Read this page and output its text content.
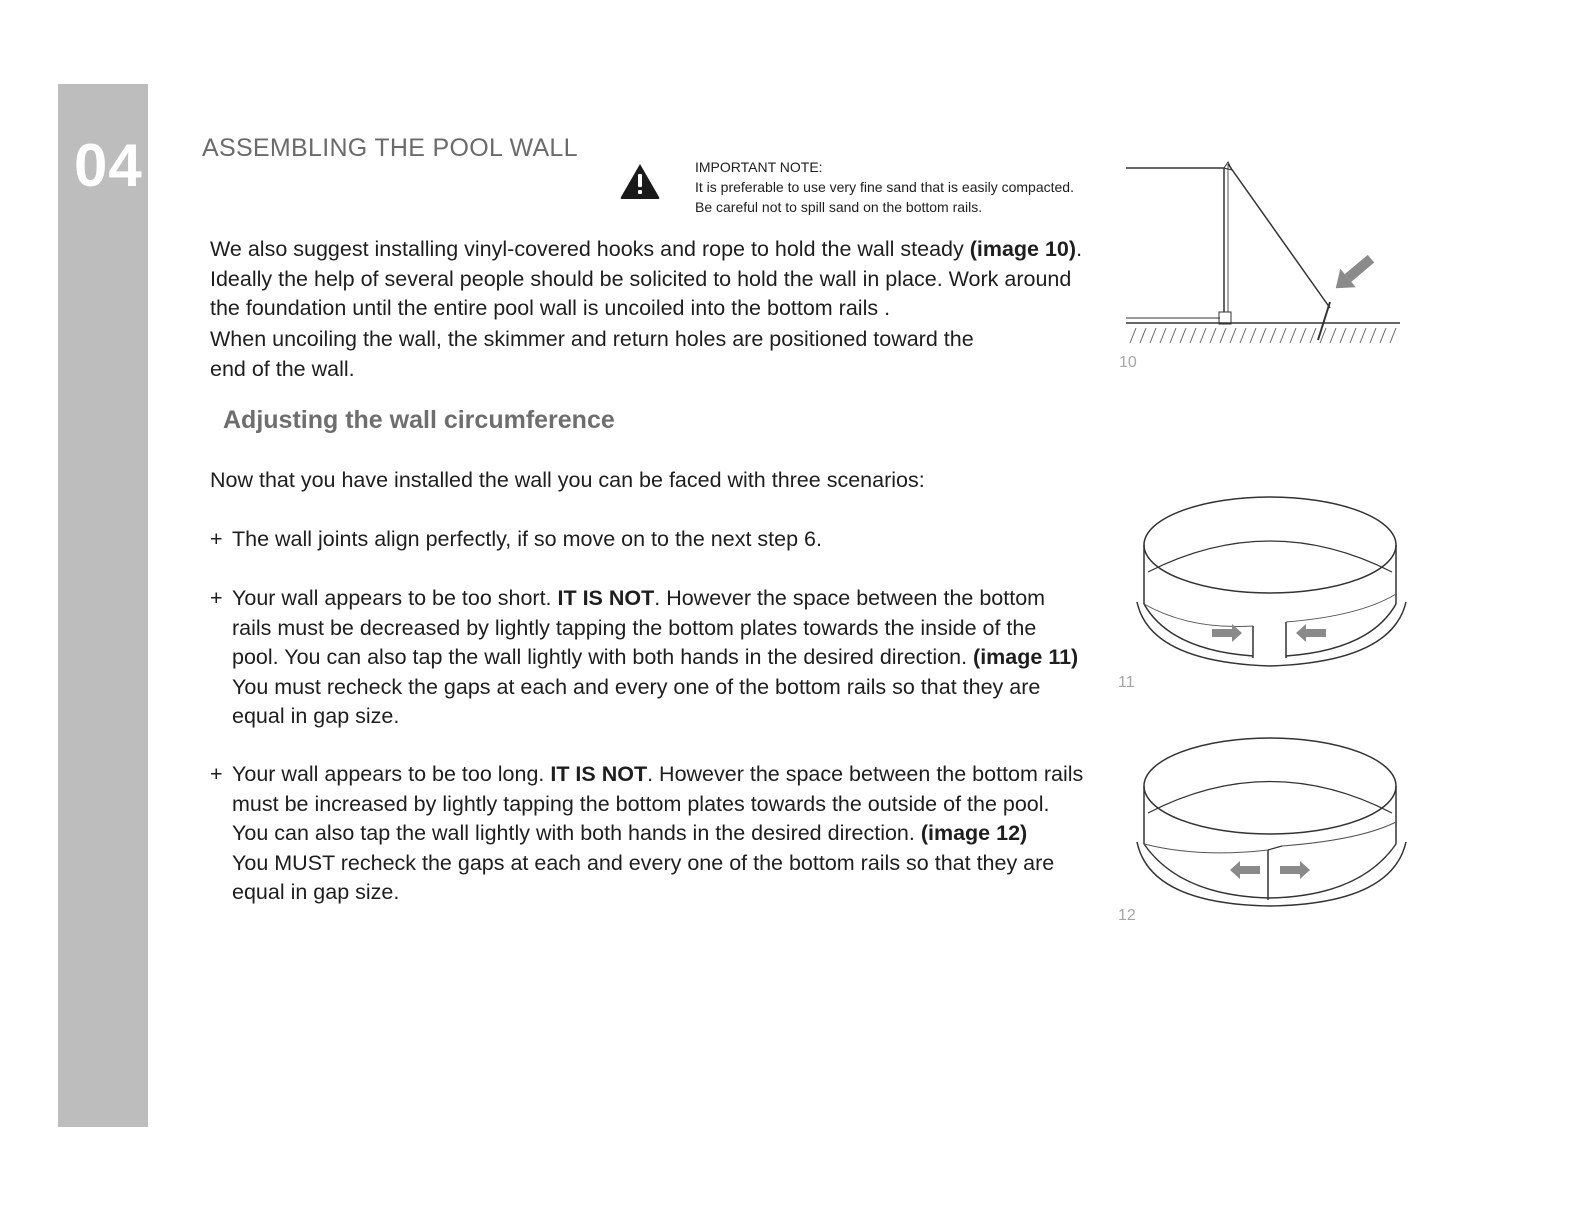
04 ASSEMBLING THE POOL WALL
IMPORTANT NOTE:
It is preferable to use very fine sand that is easily compacted.
Be careful not to spill sand on the bottom rails.
We also suggest installing vinyl-covered hooks and rope to hold the wall steady (image 10).
Ideally the help of several people should be solicited to hold the wall in place. Work around
the foundation until the entire pool wall is uncoiled into the bottom rails .
When uncoiling the wall, the skimmer and return holes are positioned toward the
end of the wall.
Adjusting the wall circumference
Now that you have installed the wall you can be faced with three scenarios:
+ The wall joints align perfectly, if so move on to the next step 6.
+ Your wall appears to be too short. IT IS NOT. However the space between the bottom
rails must be decreased by lightly tapping the bottom plates towards the inside of the
pool. You can also tap the wall lightly with both hands in the desired direction. (image 11)
You must recheck the gaps at each and every one of the bottom rails so that they are
equal in gap size.
+ Your wall appears to be too long. IT IS NOT. However the space between the bottom rails
must be increased by lightly tapping the bottom plates towards the outside of the pool.
You can also tap the wall lightly with both hands in the desired direction. (image 12)
You MUST recheck the gaps at each and every one of the bottom rails so that they are
equal in gap size.
10
11
12
